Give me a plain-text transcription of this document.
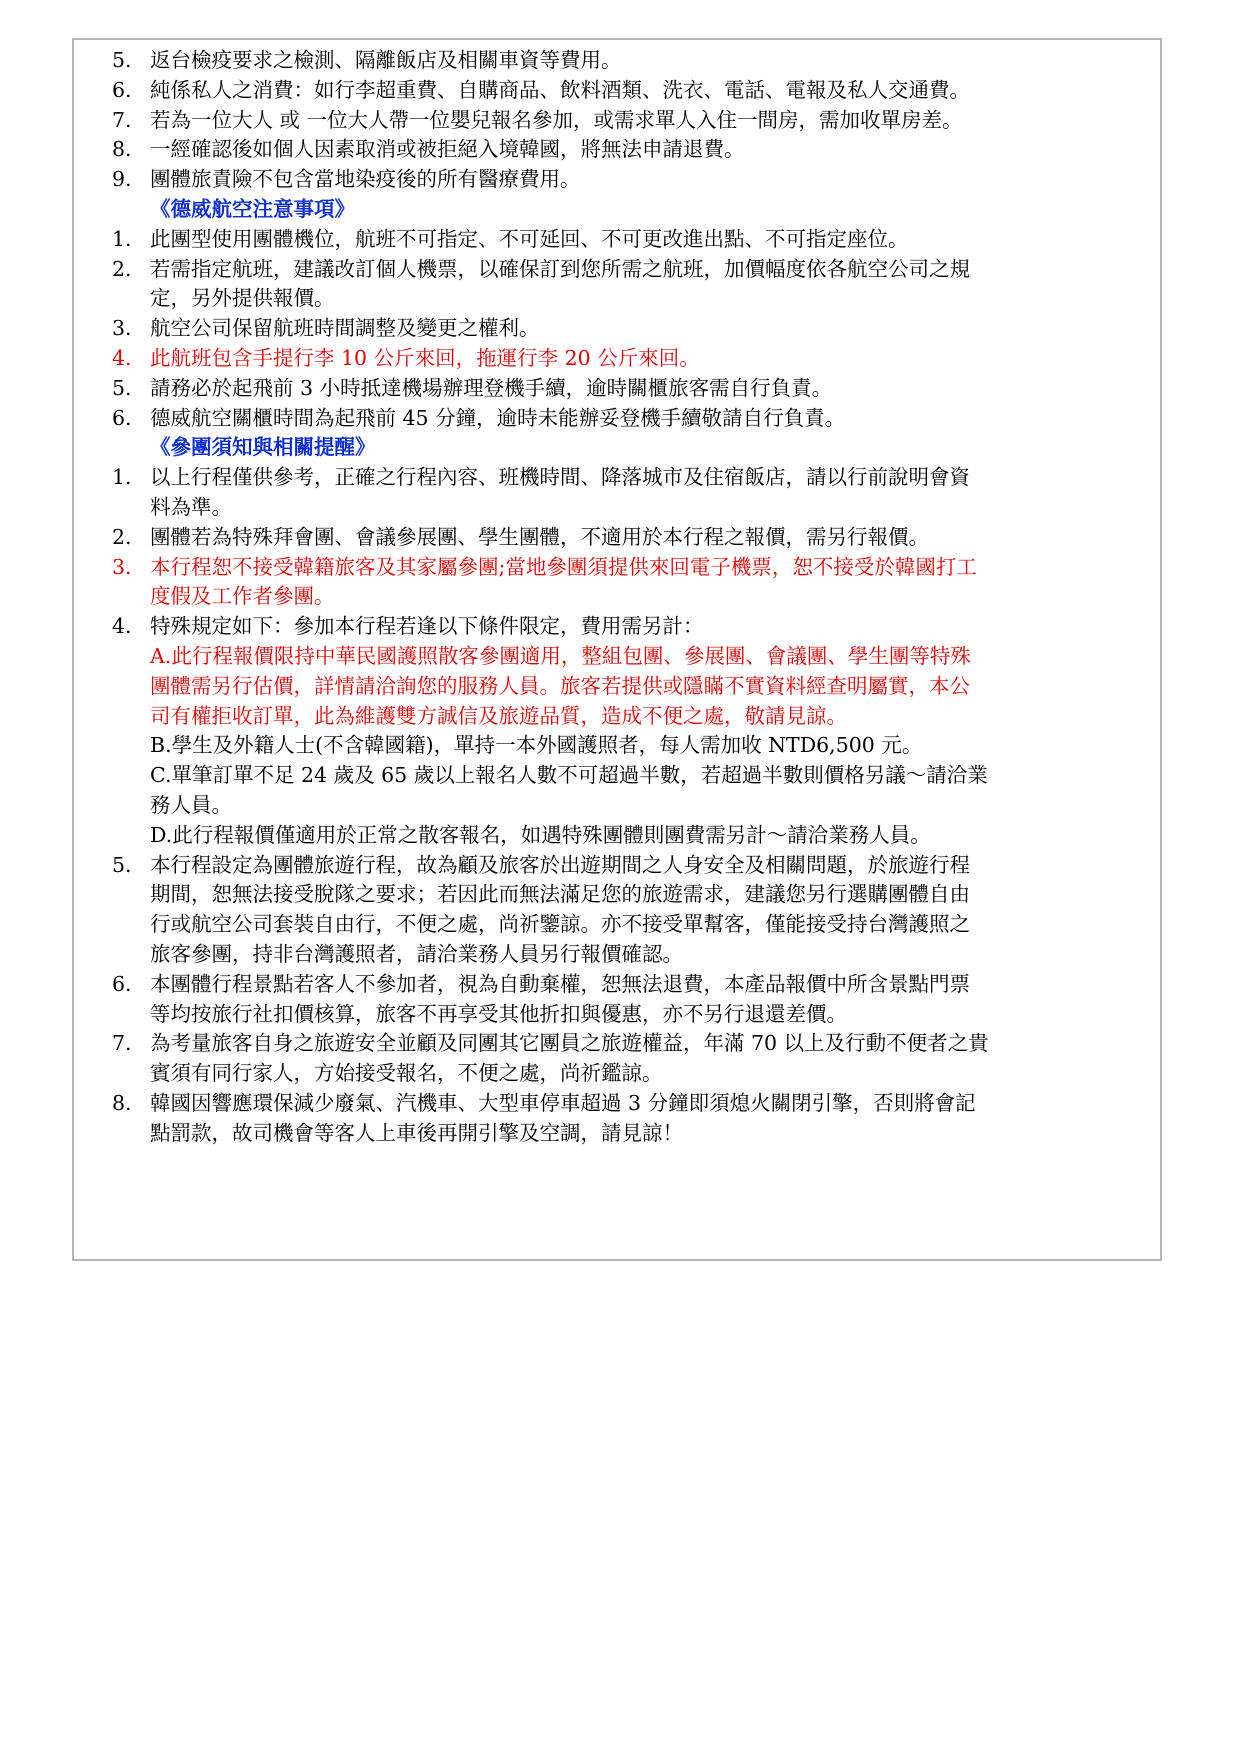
5. 返台檢疫要求之檢測、隔離飯店及相關車資等費用。
6. 純係私人之消費：如行李超重費、自購商品、飲料酒類、洗衣、電話、電報及私人交通費。
7. 若為一位大人 或 一位大人帶一位嬰兒報名參加，或需求單人入住一間房，需加收單房差。
8. 一經確認後如個人因素取消或被拒絕入境韓國，將無法申請退費。
9. 團體旅責險不包含當地染疫後的所有醫療費用。
《德威航空注意事項》
1. 此團型使用團體機位，航班不可指定、不可延回、不可更改進出點、不可指定座位。
2. 若需指定航班，建議改訂個人機票，以確保訂到您所需之航班，加價幅度依各航空公司之規
定，另外提供報價。
3. 航空公司保留航班時間調整及變更之權利。
4. 此航班包含手提行李 10 公斤來回，拖運行李 20 公斤來回。
5. 請務必於起飛前 3 小時抵達機場辦理登機手續，逾時關櫃旅客需自行負責。
6. 德威航空關櫃時間為起飛前 45 分鐘，逾時未能辦妥登機手續敬請自行負責。
《參團須知與相關提醒》
1. 以上行程僅供參考，正確之行程內容、班機時間、降落城市及住宿飯店，請以行前說明會資
料為準。
2. 團體若為特殊拜會團、會議參展團、學生團體，不適用於本行程之報價，需另行報價。
3. 本行程恕不接受韓籍旅客及其家屬參團;當地參團須提供來回電子機票，恕不接受於韓國打工
度假及工作者參團。
4. 特殊規定如下：參加本行程若逢以下條件限定，費用需另計：
A.此行程報價限持中華民國護照散客參團適用，整組包團、參展團、會議團、學生團等特殊
團體需另行估價，詳情請洽詢您的服務人員。旅客若提供或隱瞞不實資料經查明屬實，本公
司有權拒收訂單，此為維護雙方誠信及旅遊品質，造成不便之處，敬請見諒。
B.學生及外籍人士(不含韓國籍)，單持一本外國護照者，每人需加收 NTD6,500 元。
C.單筆訂單不足 24 歲及 65 歲以上報名人數不可超過半數，若超過半數則價格另議～請洽業
務人員。
D.此行程報價僅適用於正常之散客報名，如遇特殊團體則團費需另計～請洽業務人員。
5. 本行程設定為團體旅遊行程，故為顧及旅客於出遊期間之人身安全及相關問題，於旅遊行程
期間，恕無法接受脫隊之要求；若因此而無法滿足您的旅遊需求，建議您另行選購團體自由
行或航空公司套裝自由行，不便之處，尚祈鑒諒。亦不接受單幫客，僅能接受持台灣護照之
旅客參團，持非台灣護照者，請洽業務人員另行報價確認。
6. 本團體行程景點若客人不參加者，視為自動棄權，恕無法退費，本產品報價中所含景點門票
等均按旅行社扣價核算，旅客不再享受其他折扣與優惠，亦不另行退還差價。
7. 為考量旅客自身之旅遊安全並顧及同團其它團員之旅遊權益，年滿 70 以上及行動不便者之貴
賓須有同行家人，方始接受報名，不便之處，尚祈鑑諒。
8. 韓國因響應環保減少廢氣、汽機車、大型車停車超過 3 分鐘即須熄火關閉引擎，否則將會記
點罰款，故司機會等客人上車後再開引擎及空調，請見諒！
